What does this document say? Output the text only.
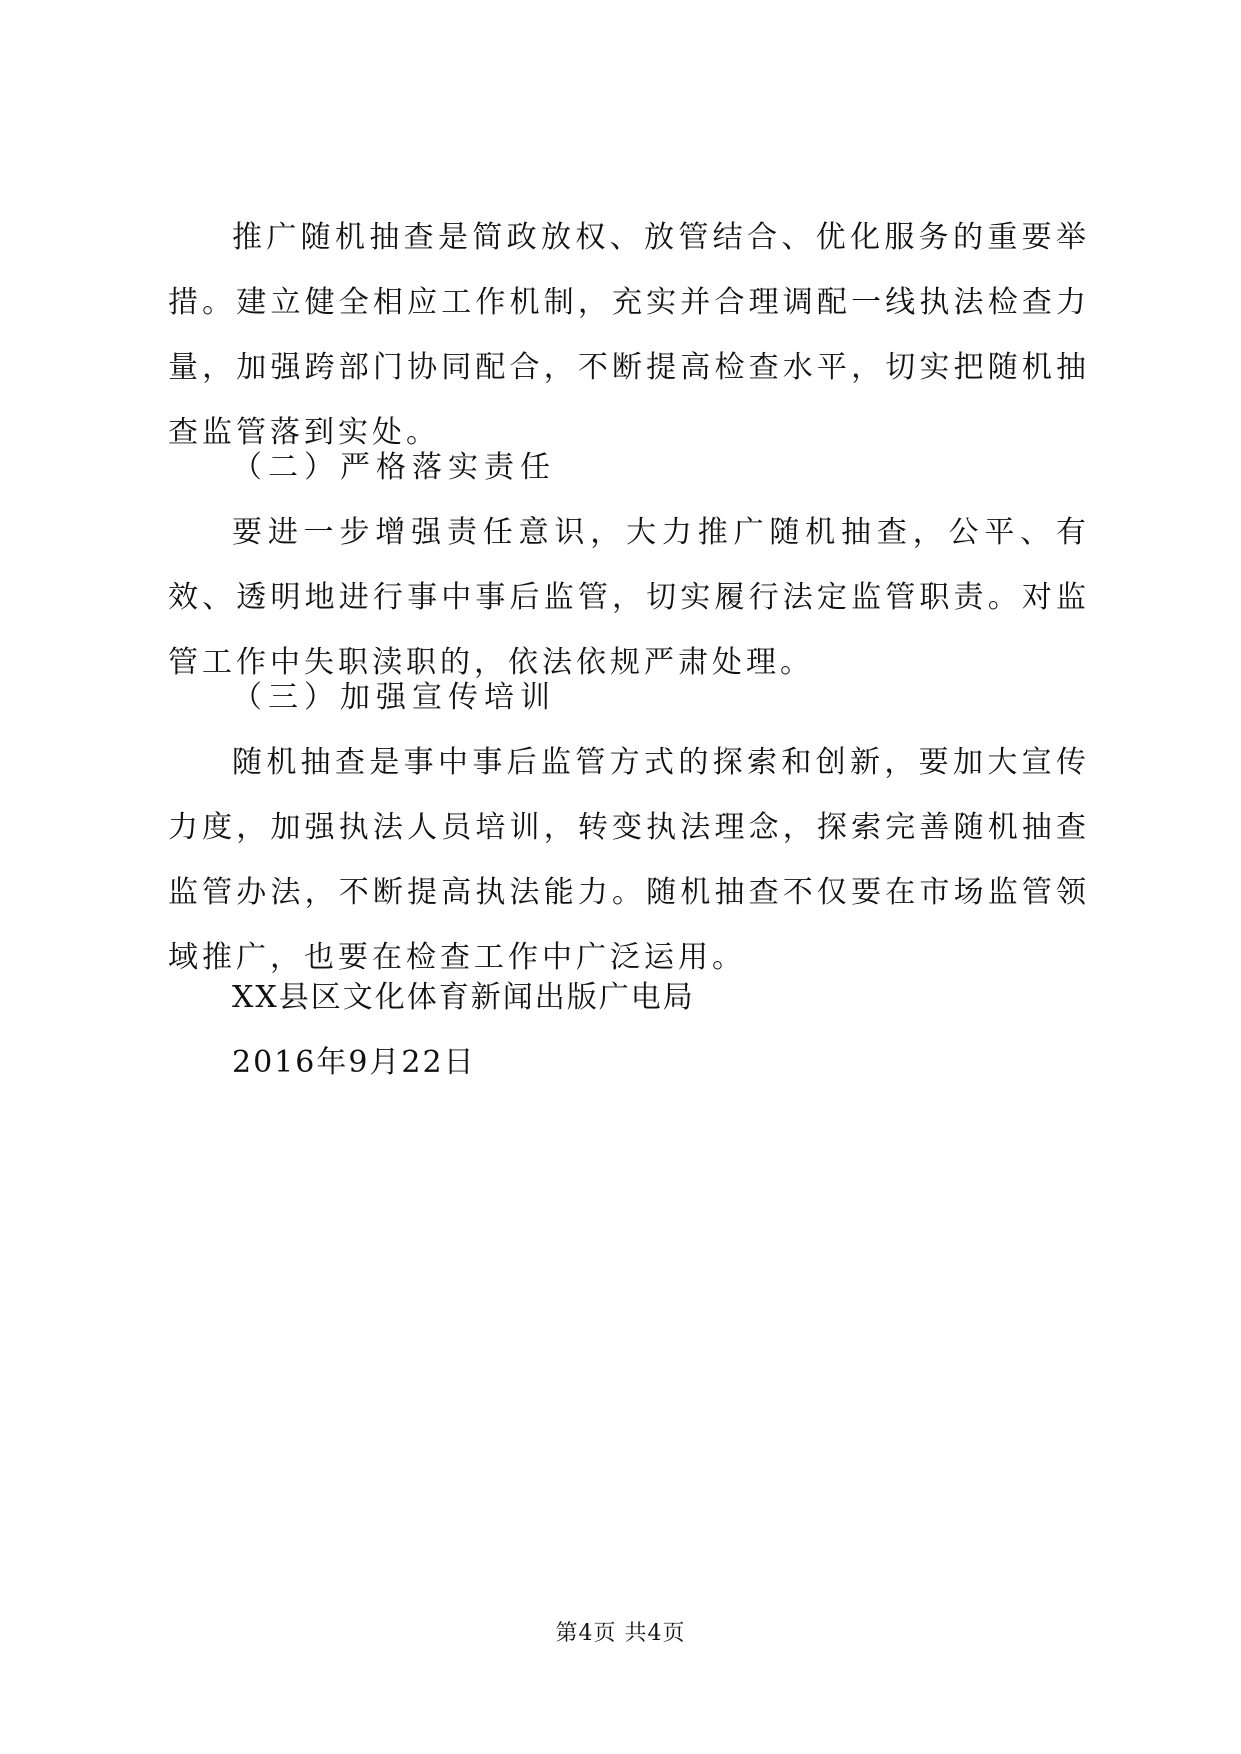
推广随机抽查是简政放权、放管结合、优化服务的重要举措。建立健全相应工作机制，充实并合理调配一线执法检查力量，加强跨部门协同配合，不断提高检查水平，切实把随机抽查监管落到实处。

（二）严格落实责任

要进一步增强责任意识，大力推广随机抽查，公平、有效、透明地进行事中事后监管，切实履行法定监管职责。对监管工作中失职渎职的，依法依规严肃处理。

（三）加强宣传培训

随机抽查是事中事后监管方式的探索和创新，要加大宣传力度，加强执法人员培训，转变执法理念，探索完善随机抽查监管办法，不断提高执法能力。随机抽查不仅要在市场监管领域推广，也要在检查工作中广泛运用。

XX县区文化体育新闻出版广电局
2016年9月22日
第4页 共4页
